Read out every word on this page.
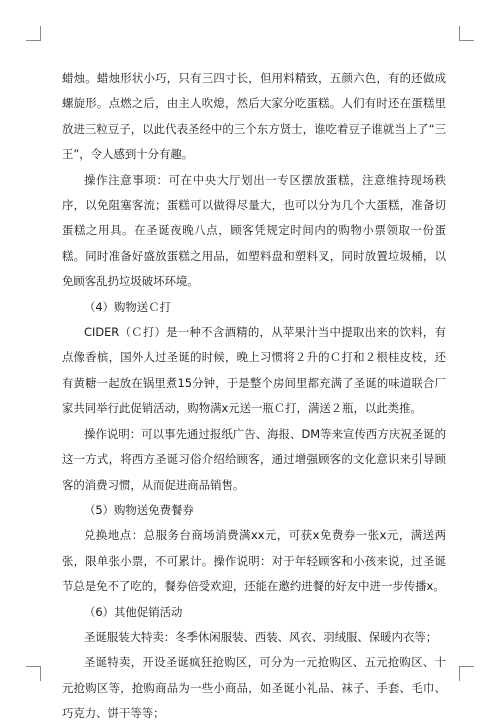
蜡烛。蜡烛形状小巧，只有三四寸长，但用料精致，五颜六色，有的还做成螺旋形。点燃之后，由主人吹熄，然后大家分吃蛋糕。人们有时还在蛋糕里放进三粒豆子，以此代表圣经中的三个东方贤士，谁吃着豆子谁就当上了“三王”，令人感到十分有趣。

操作注意事项：可在中央大厅划出一专区摆放蛋糕，注意维持现场秩序，以免阻塞客流；蛋糕可以做得尽量大，也可以分为几个大蛋糕，准备切蛋糕之用具。在圣诞夜晚八点，顾客凭规定时间内的购物小票领取一份蛋糕。同时准备好盛放蛋糕之用品，如塑料盘和塑料叉，同时放置垃圾桶，以免顾客乱扔垃圾破坏环境。

（4）购物送Ｃ打

CIDER（Ｃ打）是一种不含酒精的，从苹果汁当中提取出来的饮料，有点像香槟，国外人过圣诞的时候，晚上习惯将２升的Ｃ打和２根桂皮枝，还有黄糖一起放在锅里煮15分钟，于是整个房间里都充满了圣诞的味道联合厂家共同举行此促销活动，购物满x元送一瓶Ｃ打，满送２瓶，以此类推。

操作说明：可以事先通过报纸广告、海报、DM等来宣传西方庆祝圣诞的这一方式，将西方圣诞习俗介绍给顾客，通过增强顾客的文化意识来引导顾客的消费习惯，从而促进商品销售。

（5）购物送免费餐券

兑换地点：总服务台商场消费满xx元，可获x免费券一张x元，满送两张，限单张小票，不可累计。操作说明：对于年轻顾客和小孩来说，过圣诞节总是免不了吃的，餐券倍受欢迎，还能在邀约进餐的好友中进一步传播x。

（6）其他促销活动

圣诞服装大特卖：冬季休闲服装、西装、风衣、羽绒服、保暖内衣等；

圣诞特卖，开设圣诞疯狂抢购区，可分为一元抢购区、五元抢购区、十元抢购区等，抢购商品为一些小商品，如圣诞小礼品、袜子、手套、毛巾、巧克力、饼干等等；
